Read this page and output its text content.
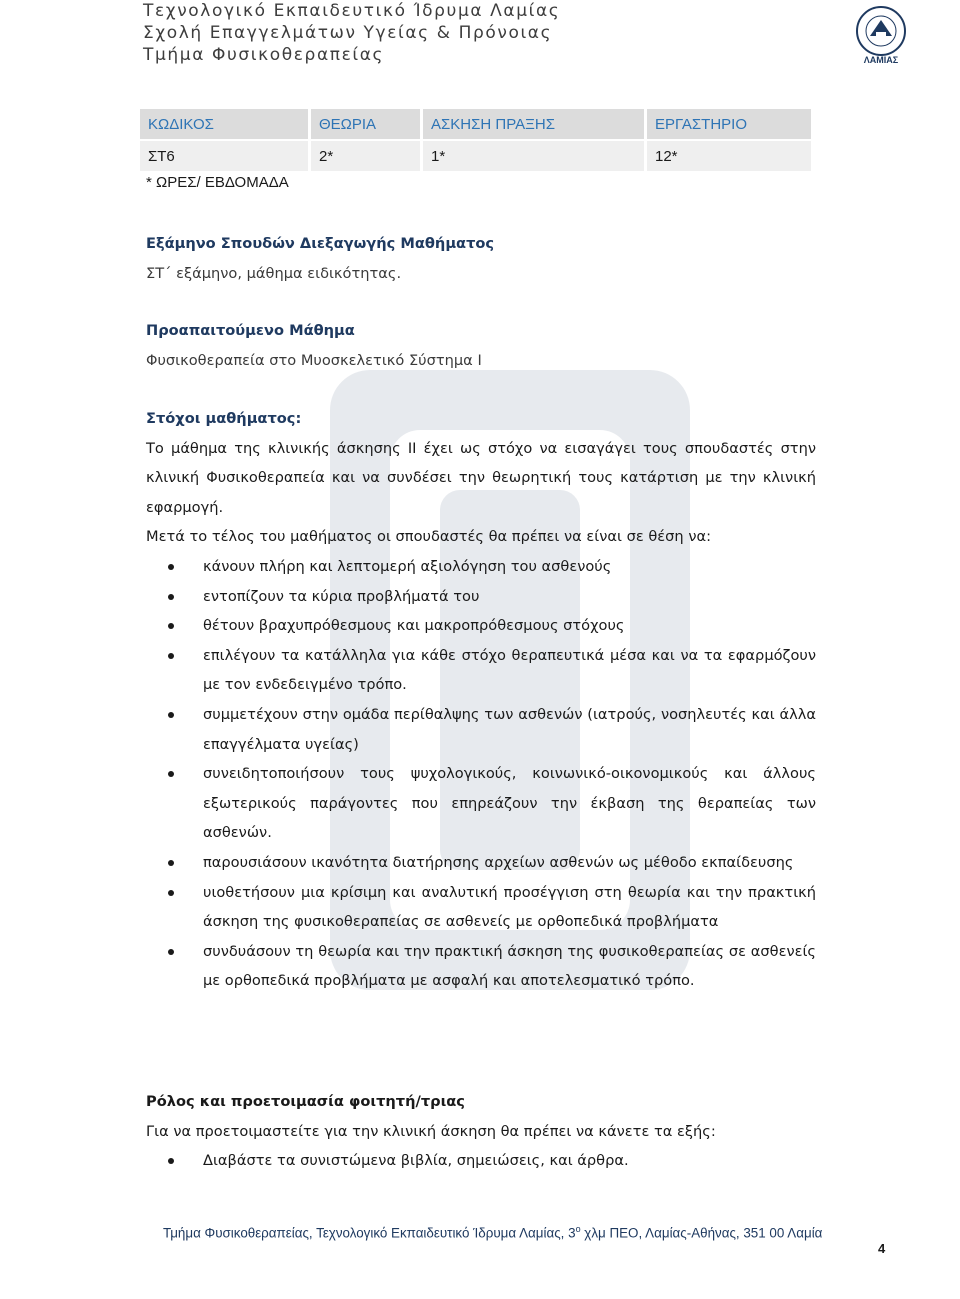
Τεχνολογικό Εκπαιδευτικό Ίδρυμα Λαμίας
Σχολή Επαγγελμάτων Υγείας & Πρόνοιας
Τμήμα Φυσικοθεραπείας	ΛΑΜΙΑΣ
ΚΩΔΙΚΟΣ	ΘΕΩΡΙΑ	ΑΣΚΗΣΗ ΠΡΑΞΗΣ	ΕΡΓΑΣΤΗΡΙΟ
ΣΤ6	2*	1*	12*
* ΩΡΕΣ/ ΕΒΔΟΜΑΔΑ
Εξάμηνο Σπουδών Διεξαγωγής Μαθήματος
ΣΤ΄ εξάμηνο, μάθημα ειδικότητας.
Προαπαιτούμενο Μάθημα
Φυσικοθεραπεία στο Μυοσκελετικό Σύστημα Ι
Στόχοι μαθήματος:
Το μάθημα της κλινικής άσκησης ΙΙ έχει ως στόχο να εισαγάγει τους σπουδαστές στην κλινική Φυσικοθεραπεία και να συνδέσει την θεωρητική τους κατάρτιση με την κλινική εφαρμογή.
Μετά το τέλος του μαθήματος οι σπουδαστές θα πρέπει να είναι σε θέση να:
κάνουν πλήρη και λεπτομερή αξιολόγηση του ασθενούς
εντοπίζουν τα κύρια προβλήματά του
θέτουν βραχυπρόθεσμους και μακροπρόθεσμους στόχους
επιλέγουν τα κατάλληλα για κάθε στόχο θεραπευτικά μέσα και να τα εφαρμόζουν με τον ενδεδειγμένο τρόπο.
συμμετέχουν στην ομάδα περίθαλψης των ασθενών (ιατρούς, νοσηλευτές και άλλα επαγγέλματα υγείας)
συνειδητοποιήσουν τους ψυχολογικούς, κοινωνικό-οικονομικούς και άλλους εξωτερικούς παράγοντες που επηρεάζουν την έκβαση της θεραπείας των ασθενών.
παρουσιάσουν ικανότητα διατήρησης αρχείων ασθενών ως μέθοδο εκπαίδευσης
υιοθετήσουν μια κρίσιμη και αναλυτική προσέγγιση στη θεωρία και την πρακτική άσκηση της φυσικοθεραπείας σε ασθενείς με ορθοπεδικά προβλήματα
συνδυάσουν τη θεωρία και την πρακτική άσκηση της φυσικοθεραπείας σε ασθενείς με ορθοπεδικά προβλήματα με ασφαλή και αποτελεσματικό τρόπο.
Ρόλος και προετοιμασία φοιτητή/τριας
Για να προετοιμαστείτε για την κλινική άσκηση θα πρέπει να κάνετε τα εξής:
Διαβάστε τα συνιστώμενα βιβλία, σημειώσεις, και άρθρα.
Τμήμα Φυσικοθεραπείας, Τεχνολογικό Εκπαιδευτικό Ίδρυμα Λαμίας, $3^o$ χλμ ΠΕΟ, Λαμίας-Αθήνας, 351 00 Λαμία
4
